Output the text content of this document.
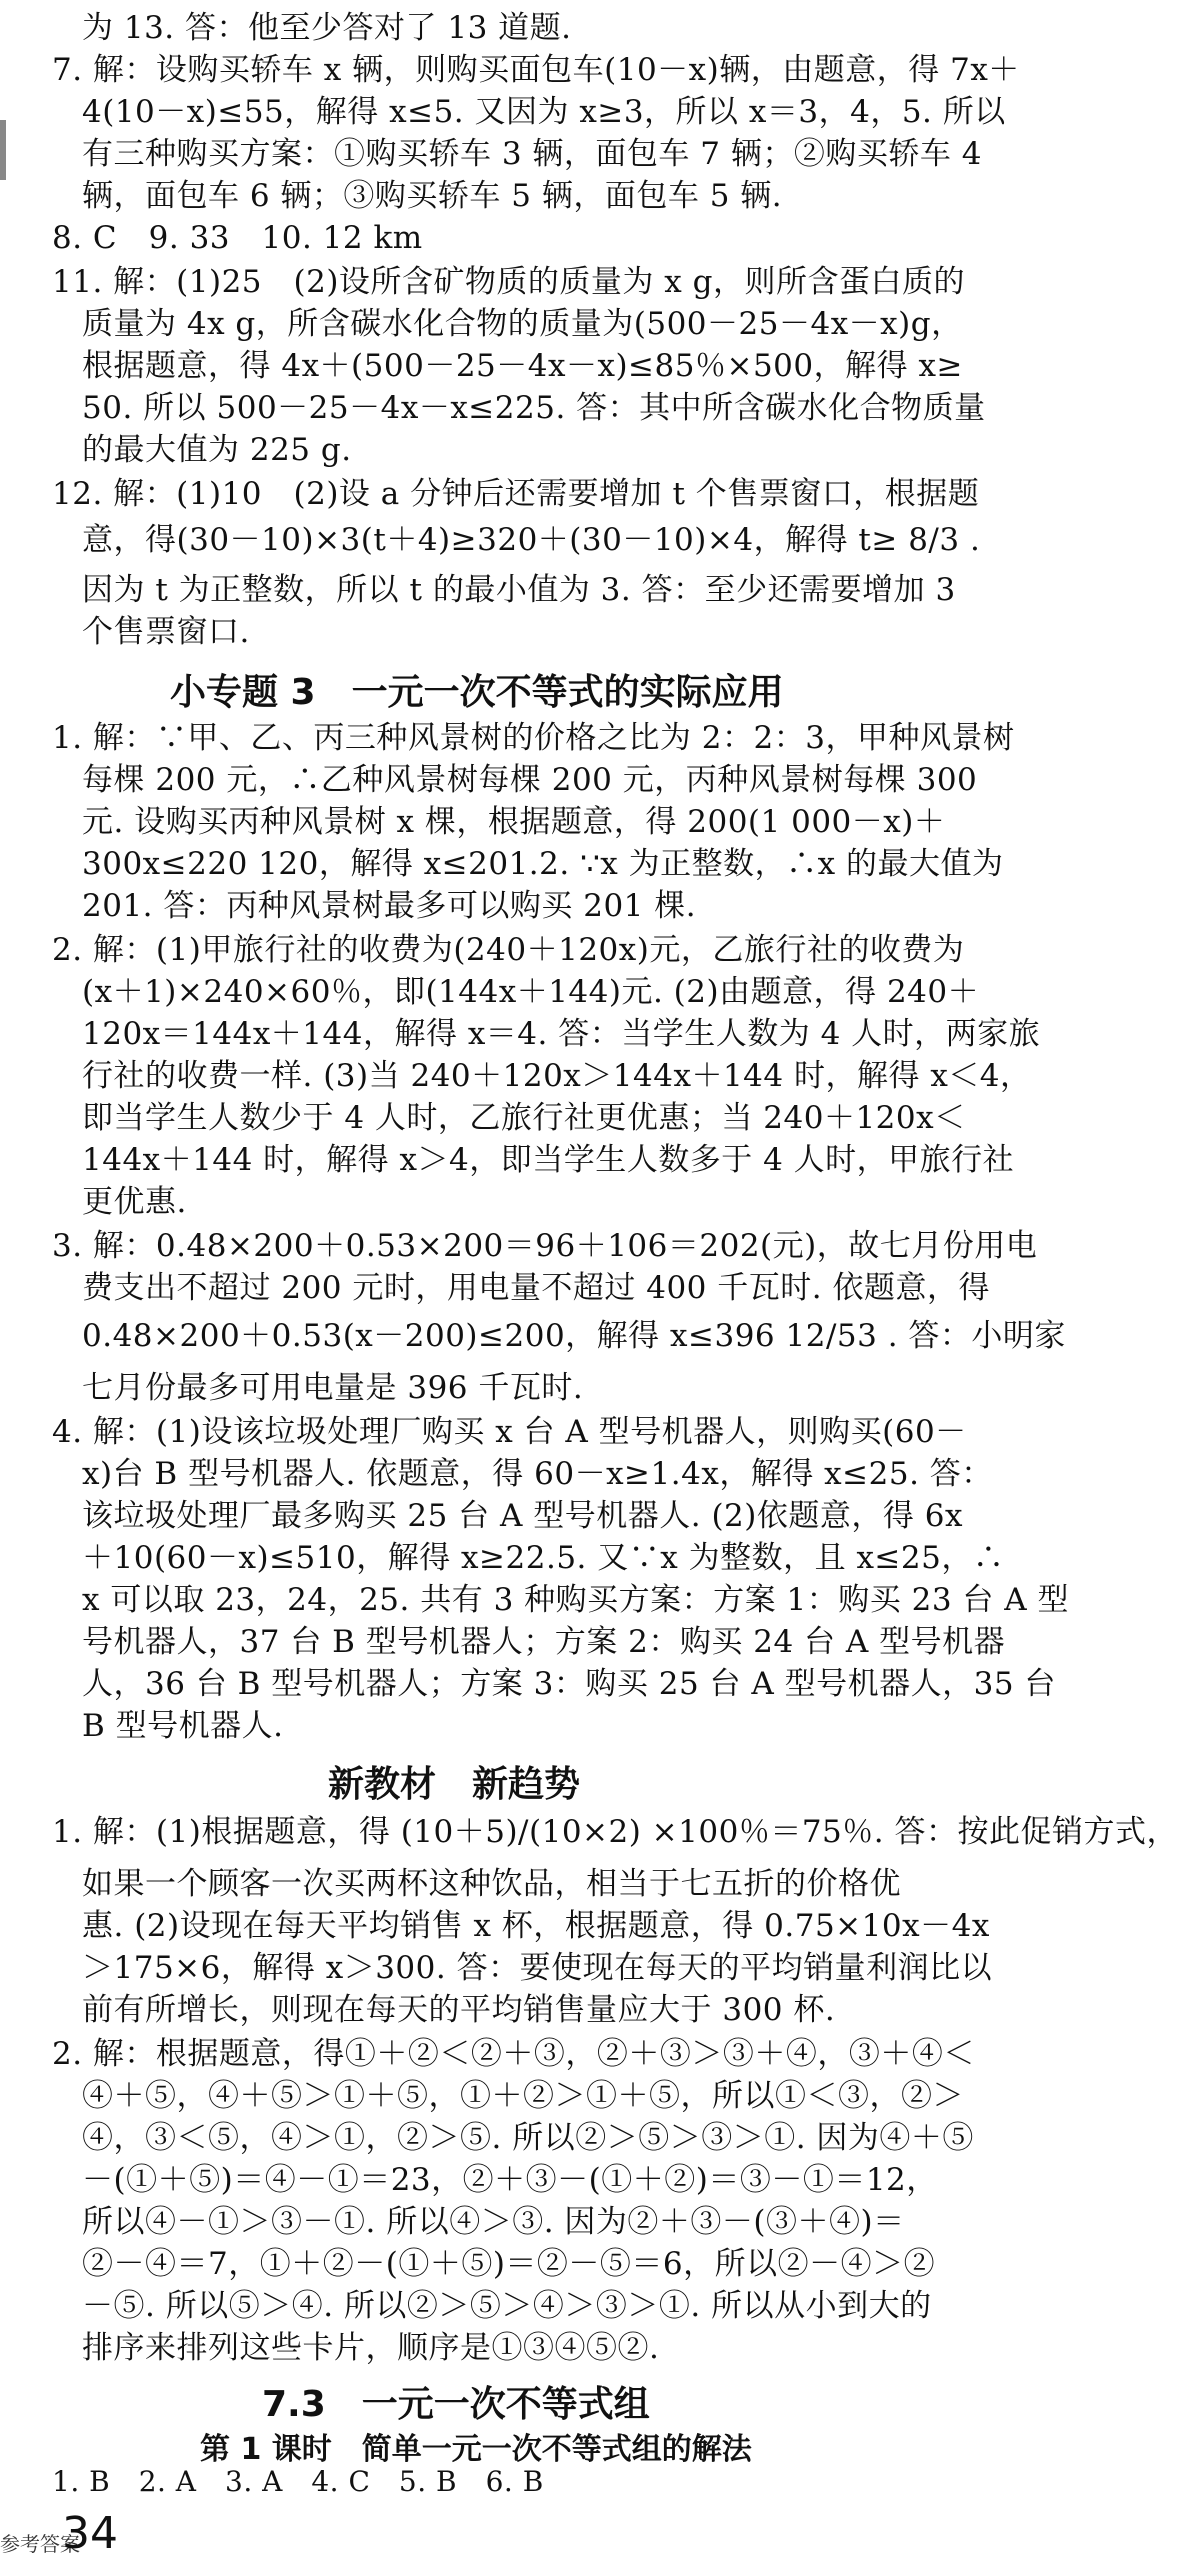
为 13. 答：他至少答对了 13 道题.
7. 解：设购买轿车 x 辆，则购买面包车(10－x)辆，由题意，得 7x＋
4(10－x)≤55，解得 x≤5. 又因为 x≥3，所以 x＝3，4，5. 所以
有三种购买方案：①购买轿车 3 辆，面包车 7 辆；②购买轿车 4
辆，面包车 6 辆；③购买轿车 5 辆，面包车 5 辆.
8. C　9. 33　10. 12 km
11. 解：(1)25　(2)设所含矿物质的质量为 x g，则所含蛋白质的
质量为 4x g，所含碳水化合物的质量为(500－25－4x－x)g，
根据题意，得 4x＋(500－25－4x－x)≤85％×500，解得 x≥
50. 所以 500－25－4x－x≤225. 答：其中所含碳水化合物质量
的最大值为 225 g.
12. 解：(1)10　(2)设 a 分钟后还需要增加 t 个售票窗口，根据题
意，得(30－10)×3(t＋4)≥320＋(30－10)×4，解得 t≥ 8/3 .
因为 t 为正整数，所以 t 的最小值为 3. 答：至少还需要增加 3
个售票窗口.
小专题 3　一元一次不等式的实际应用
1. 解：∵甲、乙、丙三种风景树的价格之比为 2：2：3，甲种风景树
每棵 200 元，∴乙种风景树每棵 200 元，丙种风景树每棵 300
元. 设购买丙种风景树 x 棵，根据题意，得 200(1 000－x)＋
300x≤220 120，解得 x≤201.2. ∵x 为正整数，∴x 的最大值为
201. 答：丙种风景树最多可以购买 201 棵.
2. 解：(1)甲旅行社的收费为(240＋120x)元，乙旅行社的收费为
(x＋1)×240×60％，即(144x＋144)元. (2)由题意，得 240＋
120x＝144x＋144，解得 x＝4. 答：当学生人数为 4 人时，两家旅
行社的收费一样. (3)当 240＋120x＞144x＋144 时，解得 x＜4，
即当学生人数少于 4 人时，乙旅行社更优惠；当 240＋120x＜
144x＋144 时，解得 x＞4，即当学生人数多于 4 人时，甲旅行社
更优惠.
3. 解：0.48×200＋0.53×200＝96＋106＝202(元)，故七月份用电
费支出不超过 200 元时，用电量不超过 400 千瓦时. 依题意，得
0.48×200＋0.53(x－200)≤200，解得 x≤396 12/53 . 答：小明家
七月份最多可用电量是 396 千瓦时.
4. 解：(1)设该垃圾处理厂购买 x 台 A 型号机器人，则购买(60－
x)台 B 型号机器人. 依题意，得 60－x≥1.4x，解得 x≤25. 答：
该垃圾处理厂最多购买 25 台 A 型号机器人. (2)依题意，得 6x
＋10(60－x)≤510，解得 x≥22.5. 又∵x 为整数，且 x≤25，∴
x 可以取 23，24，25. 共有 3 种购买方案：方案 1：购买 23 台 A 型
号机器人，37 台 B 型号机器人；方案 2：购买 24 台 A 型号机器
人，36 台 B 型号机器人；方案 3：购买 25 台 A 型号机器人，35 台
B 型号机器人.
新教材　新趋势
1. 解：(1)根据题意，得 (10＋5)/(10×2) ×100％＝75％. 答：按此促销方式，
如果一个顾客一次买两杯这种饮品，相当于七五折的价格优
惠. (2)设现在每天平均销售 x 杯，根据题意，得 0.75×10x－4x
＞175×6，解得 x＞300. 答：要使现在每天的平均销量利润比以
前有所增长，则现在每天的平均销售量应大于 300 杯.
2. 解：根据题意，得①＋②＜②＋③，②＋③＞③＋④，③＋④＜
④＋⑤，④＋⑤＞①＋⑤，①＋②＞①＋⑤，所以①＜③，②＞
④，③＜⑤，④＞①，②＞⑤. 所以②＞⑤＞③＞①. 因为④＋⑤
－(①＋⑤)＝④－①＝23，②＋③－(①＋②)＝③－①＝12，
所以④－①＞③－①. 所以④＞③. 因为②＋③－(③＋④)＝
②－④＝7，①＋②－(①＋⑤)＝②－⑤＝6，所以②－④＞②
－⑤. 所以⑤＞④. 所以②＞⑤＞④＞③＞①. 所以从小到大的
排序来排列这些卡片，顺序是①③④⑤②.
7.3　一元一次不等式组
第 1 课时　简单一元一次不等式组的解法
1. B　2. A　3. A　4. C　5. B　6. B
参考答案
34
